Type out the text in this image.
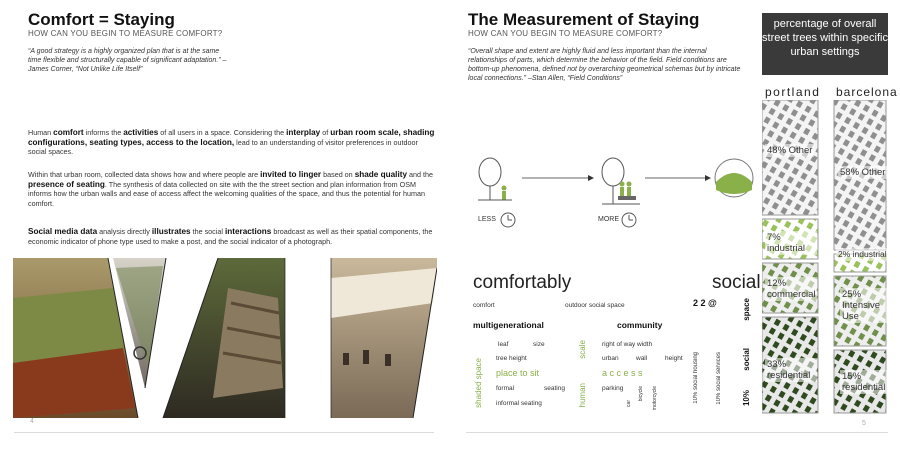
Comfort = Staying
HOW CAN YOU BEGIN TO MEASURE COMFORT?
“A good strategy is a highly organized plan that is at the same time flexible and structurally capable of significant adaptation.” –James Corner, “Not Unlike Life Itself”
Human comfort informs the activities of all users in a space. Considering the interplay of urban room scale, shading configurations, seating types, access to the location, lead to an understanding of visitor preferences in outdoor social spaces.
Within that urban room, collected data shows how and where people are invited to linger based on shade quality and the presence of seating. The synthesis of data collected on site with the the street section and plan information from OSM informs how the urban walls and ease of access affect the welcoming qualities of the space, and thus the potential for human comfort.
Social media data analysis directly illustrates the social interactions broadcast as well as their spatial components, the economic indicator of phone type used to make a post, and the social indicator of a photograph.
4
The Measurement of Staying
HOW CAN YOU BEGIN TO MEASURE COMFORT?
“Overall shape and extent are highly fluid and less important than the internal relationships of parts, which determine the behavior of the field. Field conditions are bottom-up phenomena, defined not by overarching geometrical schemas but by intricate local connections.” –Stan Allen, “Field Conditions”
LESS	MORE
comfortably	social
comfort	outdoor social space	2 2 @	space
multigenerational	community
leaf	size	right of way width
tree height	urban	wall	height
place to sit	a c c e s s
formal	seating	parking
informal seating	car
bicycle motorcycle
shaded space
scale
human	10% social housing	10% social services	social
10%
percentage of overall street trees within specific urban settings
portland barcelona
48% Other
7% industrial
12% commercial
33% residential
58% Other
2% industrial
25% Intensive Use
15% residential
5
